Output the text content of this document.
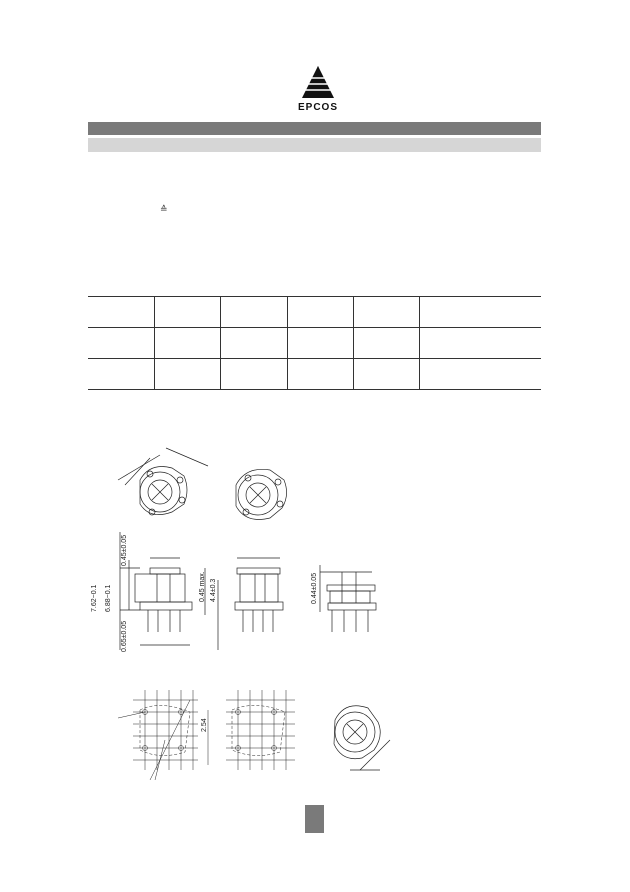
EPCOS
≙

0.45±0.05
7.62−0.1 6.88−0.1
0.65±0.05
0.45 max. 4.4±0.3	0.44±0.05
2.54
